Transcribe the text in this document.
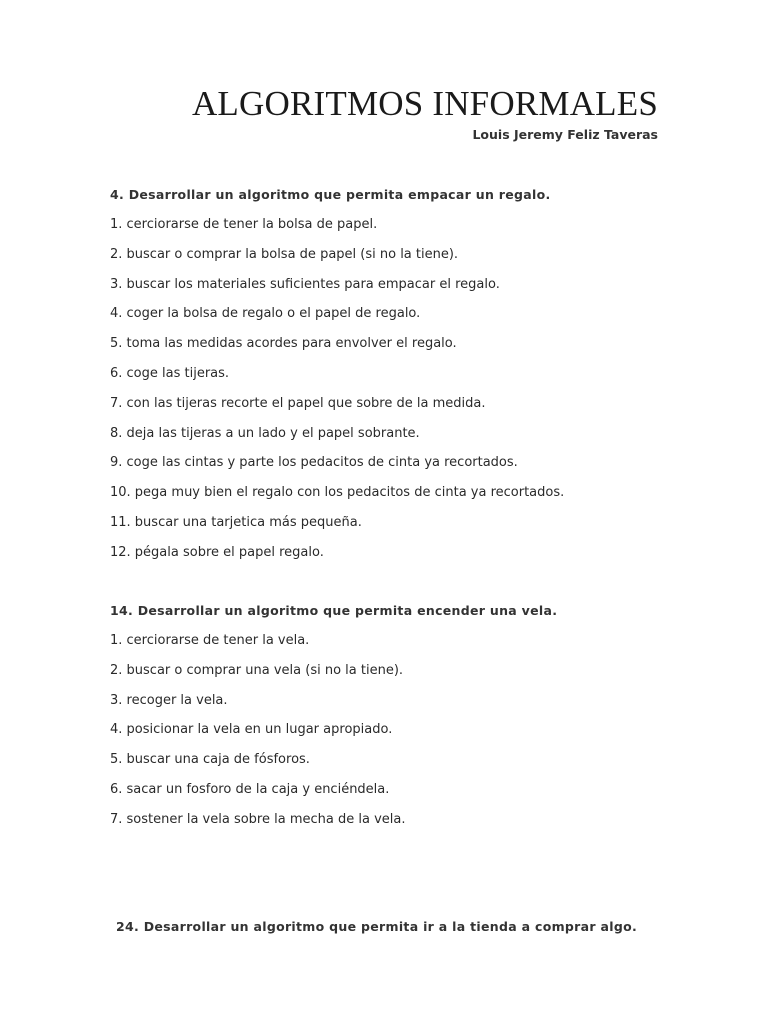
ALGORITMOS INFORMALES
Louis Jeremy Feliz Taveras
4. Desarrollar un algoritmo que permita empacar un regalo.
1. cerciorarse de tener la bolsa de papel.
2. buscar o comprar la bolsa de papel (si no la tiene).
3. buscar los materiales suficientes para empacar el regalo.
4. coger la bolsa de regalo o el papel de regalo.
5. toma las medidas acordes para envolver el regalo.
6. coge las tijeras.
7. con las tijeras recorte el papel que sobre de la medida.
8. deja las tijeras a un lado y el papel sobrante.
9. coge las cintas y parte los pedacitos de cinta ya recortados.
10. pega muy bien el regalo con los pedacitos de cinta ya recortados.
11. buscar una tarjetica más pequeña.
12. pégala sobre el papel regalo.
14. Desarrollar un algoritmo que permita encender una vela.
1. cerciorarse de tener la vela.
2. buscar o comprar una vela (si no la tiene).
3. recoger la vela.
4. posicionar la vela en un lugar apropiado.
5. buscar una caja de fósforos.
6. sacar un fosforo de la caja y enciéndela.
7. sostener la vela sobre la mecha de la vela.
24. Desarrollar un algoritmo que permita ir a la tienda a comprar algo.
